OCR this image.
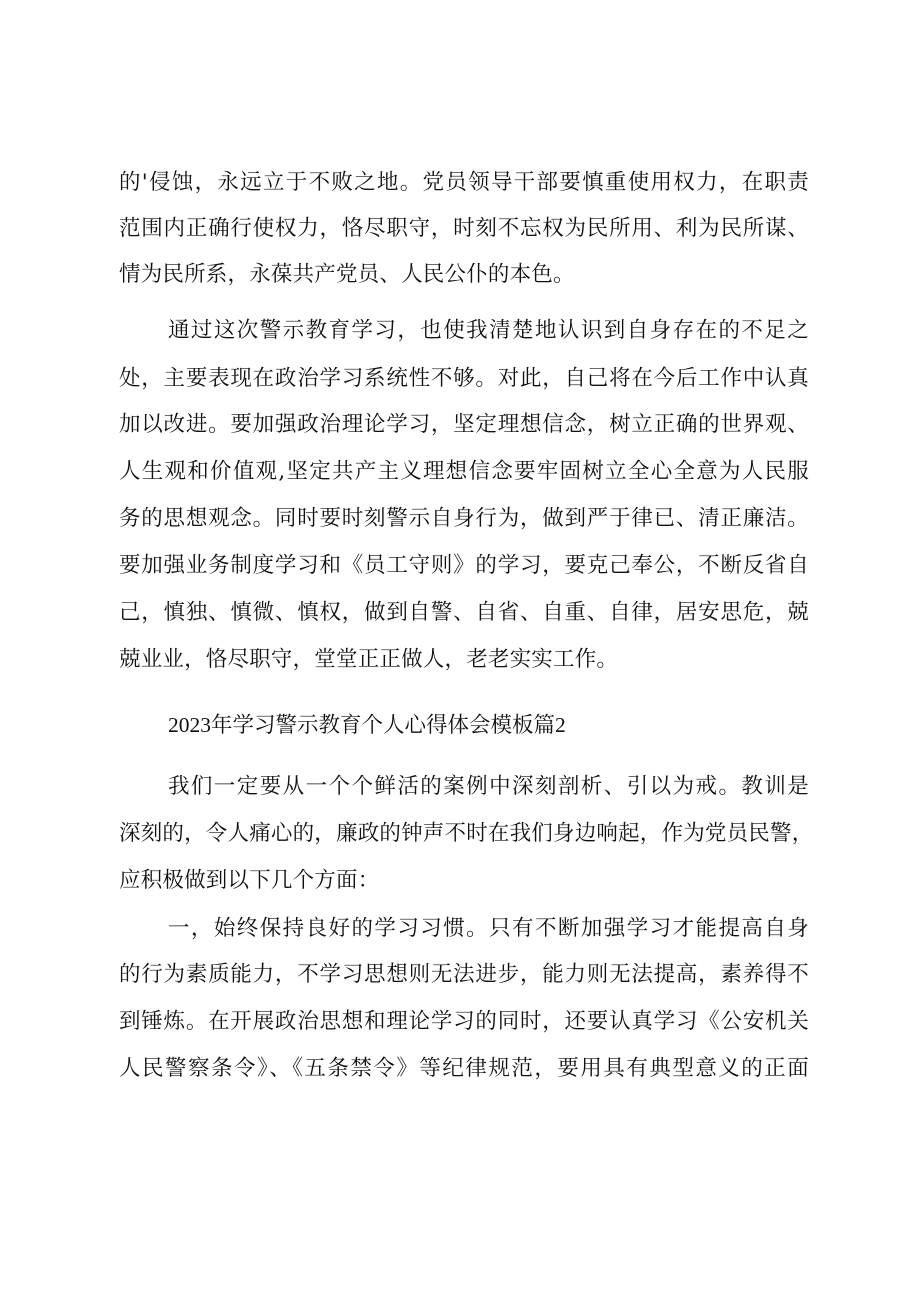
的'侵蚀，永远立于不败之地。党员领导干部要慎重使用权力，在职责
范围内正确行使权力，恪尽职守，时刻不忘权为民所用、利为民所谋、
情为民所系，永葆共产党员、人民公仆的本色。
通过这次警示教育学习，也使我清楚地认识到自身存在的不足之
处，主要表现在政治学习系统性不够。对此，自己将在今后工作中认真
加以改进。要加强政治理论学习，坚定理想信念，树立正确的世界观、
人生观和价值观,坚定共产主义理想信念要牢固树立全心全意为人民服
务的思想观念。同时要时刻警示自身行为，做到严于律已、清正廉洁。
要加强业务制度学习和《员工守则》的学习，要克己奉公，不断反省自
己，慎独、慎微、慎权，做到自警、自省、自重、自律，居安思危，兢
兢业业，恪尽职守，堂堂正正做人，老老实实工作。
2023年学习警示教育个人心得体会模板篇2
我们一定要从一个个鲜活的案例中深刻剖析、引以为戒。教训是
深刻的，令人痛心的，廉政的钟声不时在我们身边响起，作为党员民警，
应积极做到以下几个方面：
一，始终保持良好的学习习惯。只有不断加强学习才能提高自身
的行为素质能力，不学习思想则无法进步，能力则无法提高，素养得不
到锤炼。在开展政治思想和理论学习的同时，还要认真学习《公安机关
人民警察条令》、《五条禁令》等纪律规范，要用具有典型意义的正面
